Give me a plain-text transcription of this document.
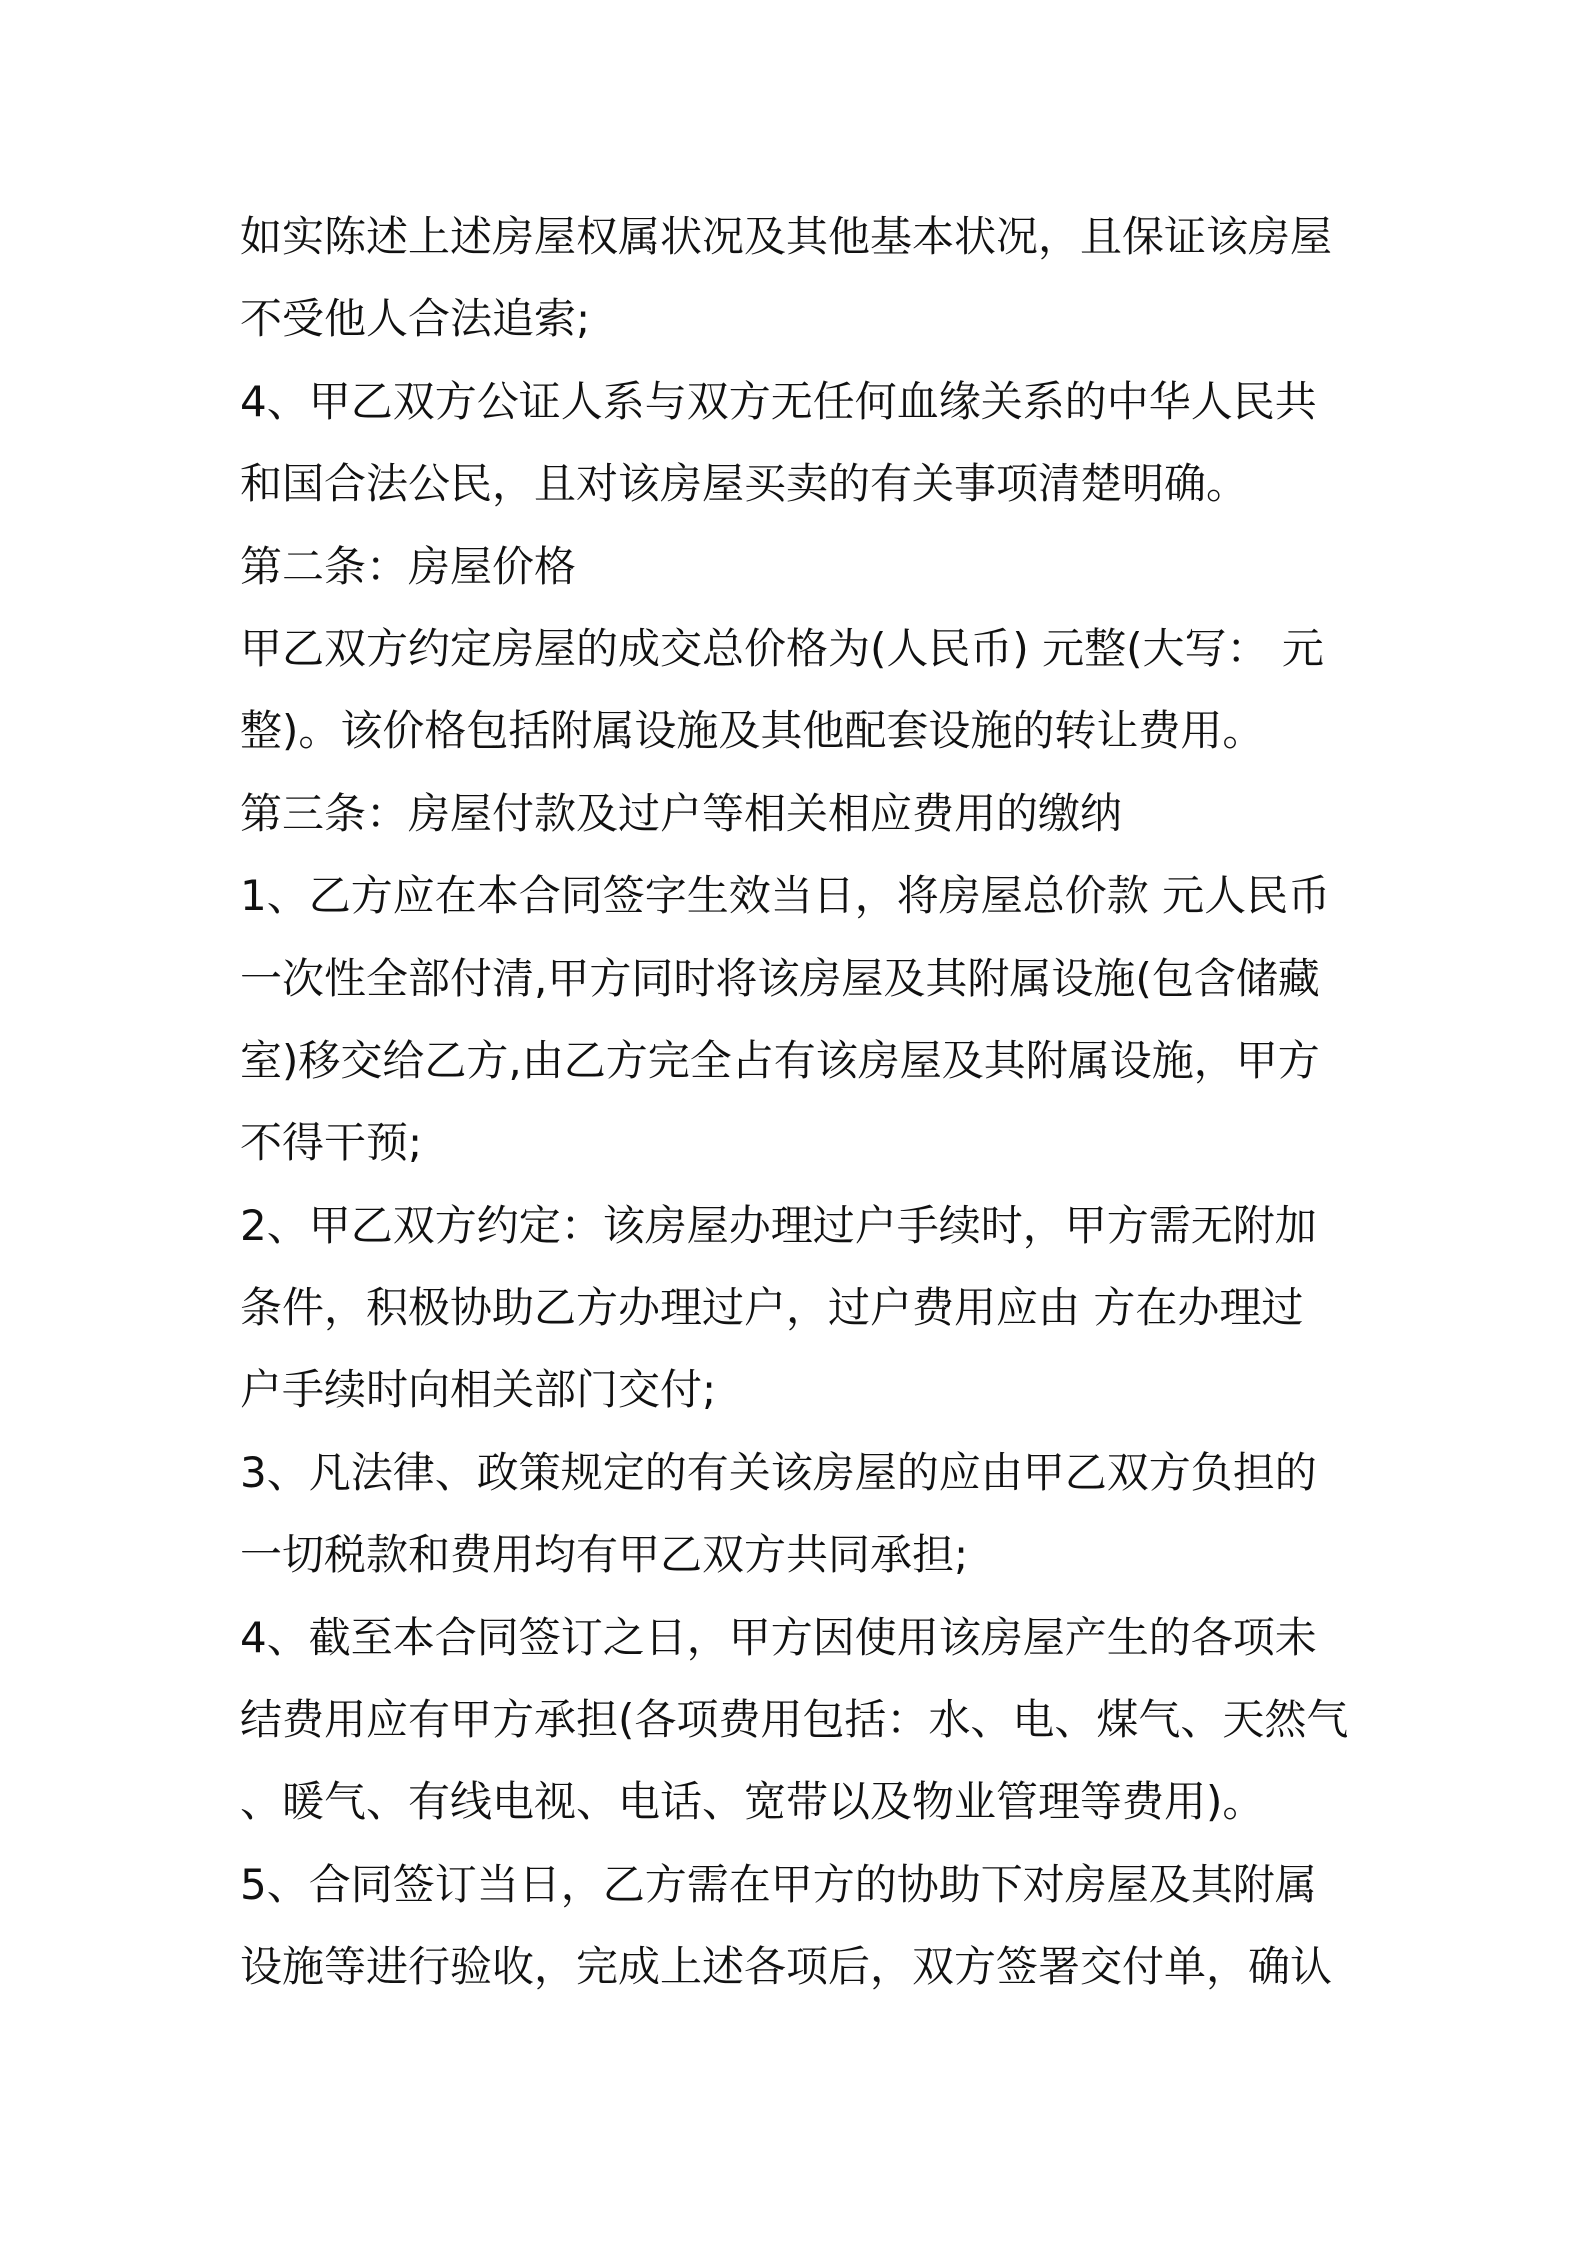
如实陈述上述房屋权属状况及其他基本状况，且保证该房屋
不受他人合法追索;
4、甲乙双方公证人系与双方无任何血缘关系的中华人民共
和国合法公民，且对该房屋买卖的有关事项清楚明确。
第二条：房屋价格
甲乙双方约定房屋的成交总价格为(人民币) 元整(大写： 元
整)。该价格包括附属设施及其他配套设施的转让费用。
第三条：房屋付款及过户等相关相应费用的缴纳
1、乙方应在本合同签字生效当日，将房屋总价款 元人民币
一次性全部付清,甲方同时将该房屋及其附属设施(包含储藏
室)移交给乙方,由乙方完全占有该房屋及其附属设施，甲方
不得干预;
2、甲乙双方约定：该房屋办理过户手续时，甲方需无附加
条件，积极协助乙方办理过户，过户费用应由 方在办理过
户手续时向相关部门交付;
3、凡法律、政策规定的有关该房屋的应由甲乙双方负担的
一切税款和费用均有甲乙双方共同承担;
4、截至本合同签订之日，甲方因使用该房屋产生的各项未
结费用应有甲方承担(各项费用包括：水、电、煤气、天然气
、暖气、有线电视、电话、宽带以及物业管理等费用)。
5、合同签订当日，乙方需在甲方的协助下对房屋及其附属
设施等进行验收，完成上述各项后，双方签署交付单，确认
